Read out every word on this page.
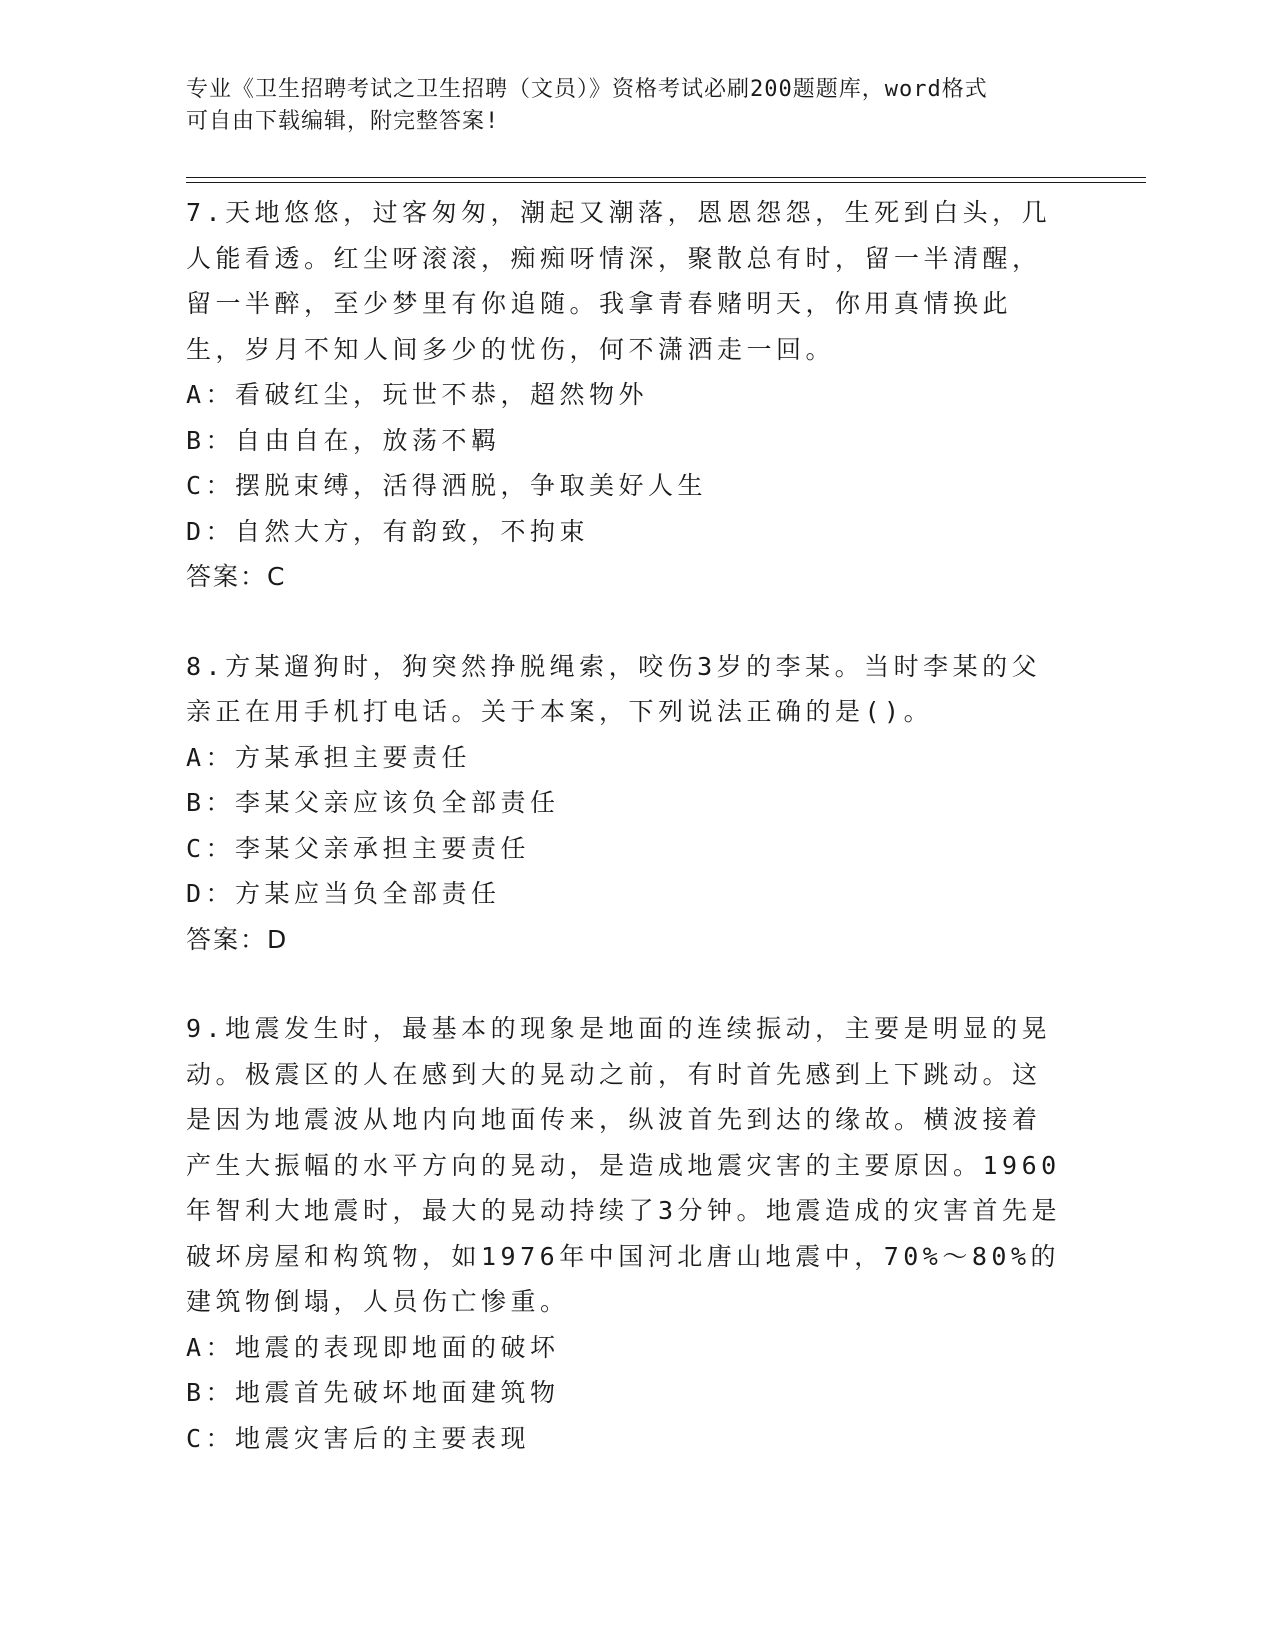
专业《卫生招聘考试之卫生招聘（文员）》资格考试必刷200题题库，word格式
可自由下载编辑，附完整答案!
7.天地悠悠，过客匆匆，潮起又潮落，恩恩怨怨，生死到白头，几人能看透。红尘呀滚滚，痴痴呀情深，聚散总有时，留一半清醒，留一半醉，至少梦里有你追随。我拿青春赌明天，你用真情换此生，岁月不知人间多少的忧伤，何不潇洒走一回。
A：看破红尘，玩世不恭，超然物外
B：自由自在，放荡不羁
C：摆脱束缚，活得洒脱，争取美好人生
D：自然大方，有韵致，不拘束
答案：C
8.方某遛狗时，狗突然挣脱绳索，咬伤3岁的李某。当时李某的父亲正在用手机打电话。关于本案，下列说法正确的是()。
A：方某承担主要责任
B：李某父亲应该负全部责任
C：李某父亲承担主要责任
D：方某应当负全部责任
答案：D
9.地震发生时，最基本的现象是地面的连续振动，主要是明显的晃动。极震区的人在感到大的晃动之前，有时首先感到上下跳动。这是因为地震波从地内向地面传来，纵波首先到达的缘故。横波接着产生大振幅的水平方向的晃动，是造成地震灾害的主要原因。1960年智利大地震时，最大的晃动持续了3分钟。地震造成的灾害首先是破坏房屋和构筑物，如1976年中国河北唐山地震中，70%～80%的建筑物倒塌，人员伤亡惨重。
A：地震的表现即地面的破坏
B：地震首先破坏地面建筑物
C：地震灾害后的主要表现
